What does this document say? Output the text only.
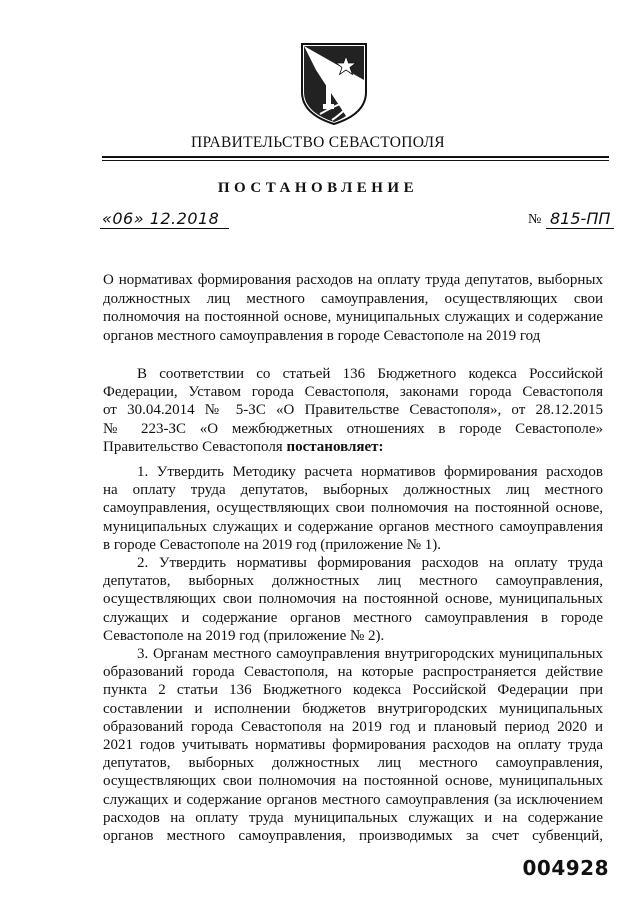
ПРАВИТЕЛЬСТВО СЕВАСТОПОЛЯ
ПОСТАНОВЛЕНИЕ
«06» 12.2018	№ 815-ПП
О нормативах формирования расходов на оплату труда депутатов, выборных
должностных лиц местного самоуправления, осуществляющих свои
полномочия на постоянной основе, муниципальных служащих и содержание
органов местного самоуправления в городе Севастополе на 2019 год
В соответствии со статьей 136 Бюджетного кодекса Российской
Федерации, Уставом города Севастополя, законами города Севастополя
от 30.04.2014 № 5-ЗС «О Правительстве Севастополя», от 28.12.2015
№ 223-ЗС «О межбюджетных отношениях в городе Севастополе»
Правительство Севастополя постановляет:
1. Утвердить Методику расчета нормативов формирования расходов
на оплату труда депутатов, выборных должностных лиц местного
самоуправления, осуществляющих свои полномочия на постоянной основе,
муниципальных служащих и содержание органов местного самоуправления
в городе Севастополе на 2019 год (приложение № 1).
2. Утвердить нормативы формирования расходов на оплату труда
депутатов, выборных должностных лиц местного самоуправления,
осуществляющих свои полномочия на постоянной основе, муниципальных
служащих и содержание органов местного самоуправления в городе
Севастополе на 2019 год (приложение № 2).
3. Органам местного самоуправления внутригородских муниципальных
образований города Севастополя, на которые распространяется действие
пункта 2 статьи 136 Бюджетного кодекса Российской Федерации при
составлении и исполнении бюджетов внутригородских муниципальных
образований города Севастополя на 2019 год и плановый период 2020 и
2021 годов учитывать нормативы формирования расходов на оплату труда
депутатов, выборных должностных лиц местного самоуправления,
осуществляющих свои полномочия на постоянной основе, муниципальных
служащих и содержание органов местного самоуправления (за исключением
расходов на оплату труда муниципальных служащих и на содержание
органов местного самоуправления, производимых за счет субвенций,
004928
